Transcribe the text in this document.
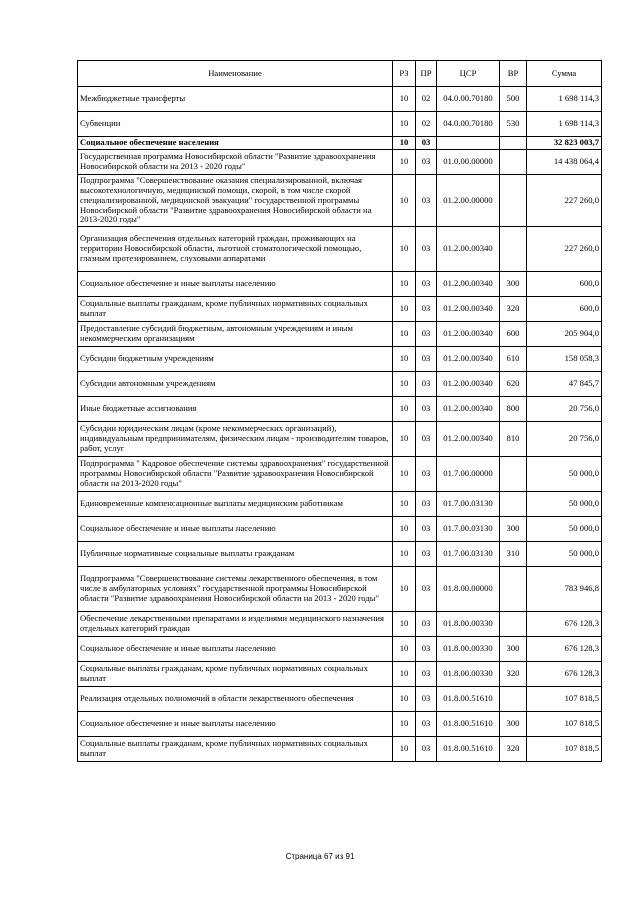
Наименование	РЗ	ПР	ЦСР	ВР	Сумма
Межбюджетные трансферты	10	02	04.0.00.70180	500	1 698 114,3
Субвенции	10	02	04.0.00.70180	530	1 698 114,3
Социальное обеспечение населения	10	03			32 823 003,7
Государственная программа Новосибирской области "Развитие здравоохранения Новосибирской области на 2013 - 2020 годы"	10	03	01.0.00.00000		14 438 064,4
Подпрограмма "Совершенствование оказания специализированной, включая высокотехнологичную, медицинской помощи, скорой, в том числе скорой специализированной, медицинской эвакуации" государственной программы Новосибирской области "Развитие здравоохранения Новосибирской области на 2013-2020 годы"	10	03	01.2.00.00000		227 260,0
Организация обеспечения отдельных категорий граждан, проживающих на территории Новосибирской области, льготной стоматологической помощью, глазным протезированием, слуховыми аппаратами	10	03	01.2.00.00340		227 260,0
Социальное обеспечение и иные выплаты населению	10	03	01.2.00.00340	300	600,0
Социальные выплаты гражданам, кроме публичных нормативных социальных выплат	10	03	01.2.00.00340	320	600,0
Предоставление субсидий бюджетным, автономным учреждениям и иным некоммерческим организациям	10	03	01.2.00.00340	600	205 904,0
Субсидии бюджетным учреждениям	10	03	01.2.00.00340	610	158 058,3
Субсидии автономным учреждениям	10	03	01.2.00.00340	620	47 845,7
Иные бюджетные ассигнования	10	03	01.2.00.00340	800	20 756,0
Субсидии юридическим лицам (кроме некоммерческих организаций), индивидуальным предпринимателям, физическим лицам - производителям товаров, работ, услуг	10	03	01.2.00.00340	810	20 756,0
Подпрограмма " Кадровое обеспечение системы здравоохранения" государственной программы Новосибирской области "Развитие здравоохранения Новосибирской области на 2013-2020 годы"	10	03	01.7.00.00000		50 000,0
Единовременные компенсационные выплаты медицинским работникам	10	03	01.7.00.03130		50 000,0
Социальное обеспечение и иные выплаты населению	10	03	01.7.00.03130	300	50 000,0
Публичные нормативные социальные выплаты гражданам	10	03	01.7.00.03130	310	50 000,0
Подпрограмма "Совершенствование системы лекарственного обеспечения, в том числе в амбулаторных условиях" государственной программы Новосибирской области "Развитие здравоохранения Новосибирской области на 2013 - 2020 годы"	10	03	01.8.00.00000		783 946,8
Обеспечение лекарственными препаратами и изделиями медицинского назначения отдельных категорий граждан	10	03	01.8.00.00330		676 128,3
Социальное обеспечение и иные выплаты населению	10	03	01.8.00.00330	300	676 128,3
Социальные выплаты гражданам, кроме публичных нормативных социальных выплат	10	03	01.8.00.00330	320	676 128,3
Реализация отдельных полномочий в области лекарственного обеспечения	10	03	01.8.00.51610		107 818,5
Социальное обеспечение и иные выплаты населению	10	03	01.8.00.51610	300	107 818,5
Социальные выплаты гражданам, кроме публичных нормативных социальных выплат	10	03	01.8.00.51610	320	107 818,5
Страница 67 из 91
